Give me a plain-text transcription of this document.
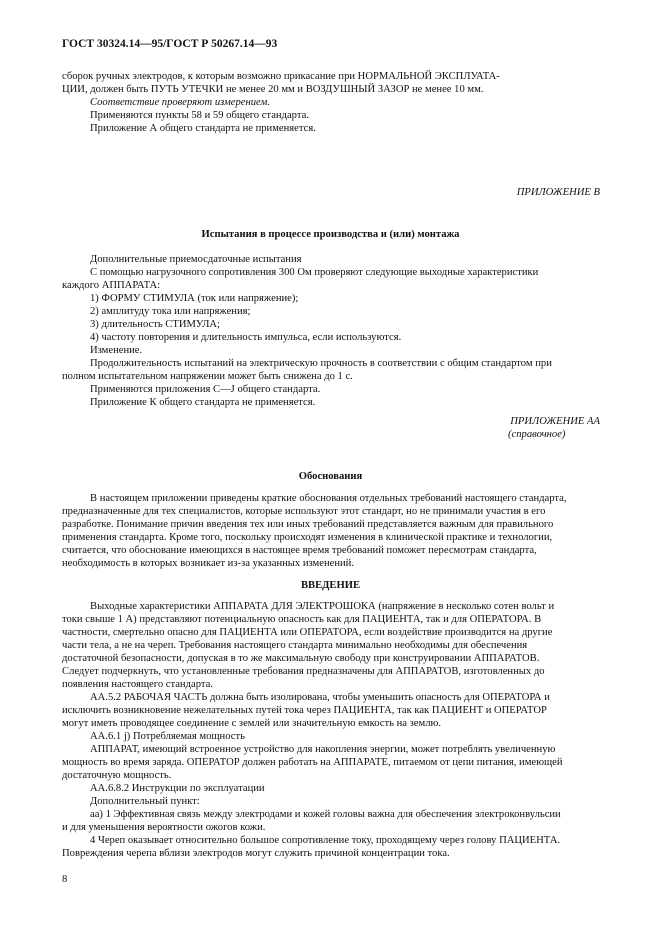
ГОСТ 30324.14—95/ГОСТ Р 50267.14—93
сборок ручных электродов, к которым возможно прикасание при НОРМАЛЬНОЙ ЭКСПЛУАТА-
ЦИИ, должен быть ПУТЬ УТЕЧКИ не менее 20 мм и ВОЗДУШНЫЙ ЗАЗОР не менее 10 мм.
Соответствие проверяют измерением.
Применяются пункты 58 и 59 общего стандарта.
Приложение А общего стандарта не применяется.
ПРИЛОЖЕНИЕ В
Испытания в процессе производства и (или) монтажа
Дополнительные приемосдаточные испытания
С помощью нагрузочного сопротивления 300 Ом проверяют следующие выходные характеристики
каждого АППАРАТА:
1) ФОРМУ СТИМУЛА (ток или напряжение);
2) амплитуду тока или напряжения;
3) длительность СТИМУЛА;
4) частоту повторения и длительность импульса, если используются.
Изменение.
Продолжительность испытаний на электрическую прочность в соответствии с общим стандартом при
полном испытательном напряжении может быть снижена до 1 с.
Применяются приложения С—J общего стандарта.
Приложение К общего стандарта не применяется.
ПРИЛОЖЕНИЕ АА
(справочное)
Обоснования
В настоящем приложении приведены краткие обоснования отдельных требований настоящего стандарта,
предназначенные для тех специалистов, которые используют этот стандарт, но не принимали участия в его
разработке. Понимание причин введения тех или иных требований представляется важным для правильного
применения стандарта. Кроме того, поскольку происходят изменения в клинической практике и технологии,
считается, что обоснование имеющихся в настоящее время требований поможет пересмотрам стандарта,
необходимость в которых возникает из-за указанных изменений.
ВВЕДЕНИЕ
Выходные характеристики АППАРАТА ДЛЯ ЭЛЕКТРОШОКА (напряжение в несколько сотен вольт и
токи свыше 1 А) представляют потенциальную опасность как для ПАЦИЕНТА, так и для ОПЕРАТОРА. В
частности, смертельно опасно для ПАЦИЕНТА или ОПЕРАТОРА, если воздействие производится на другие
части тела, а не на череп. Требования настоящего стандарта минимально необходимы для обеспечения
достаточной безопасности, допуская в то же максимальную свободу при конструировании АППАРАТОВ.
Следует подчеркнуть, что установленные требования предназначены для АППАРАТОВ, изготовленных до
появления настоящего стандарта.
АА.5.2 РАБОЧАЯ ЧАСТЬ должна быть изолирована, чтобы уменьшить опасность для ОПЕРАТОРА и
исключить возникновение нежелательных путей тока через ПАЦИЕНТА, так как ПАЦИЕНТ и ОПЕРАТОР
могут иметь проводящее соединение с землей или значительную емкость на землю.
АА.6.1 j) Потребляемая мощность
АППАРАТ, имеющий встроенное устройство для накопления энергии, может потреблять увеличенную
мощность во время заряда. ОПЕРАТОР должен работать на АППАРАТЕ, питаемом от цепи питания, имеющей
достаточную мощность.
АА.6.8.2 Инструкции по эксплуатации
Дополнительный пункт:
аа) 1 Эффективная связь между электродами и кожей головы важна для обеспечения электроконвульсии
и для уменьшения вероятности ожогов кожи.
4 Череп оказывает относительно большое сопротивление току, проходящему через голову ПАЦИЕНТА.
Повреждения черепа вблизи электродов могут служить причиной концентрации тока.
8
